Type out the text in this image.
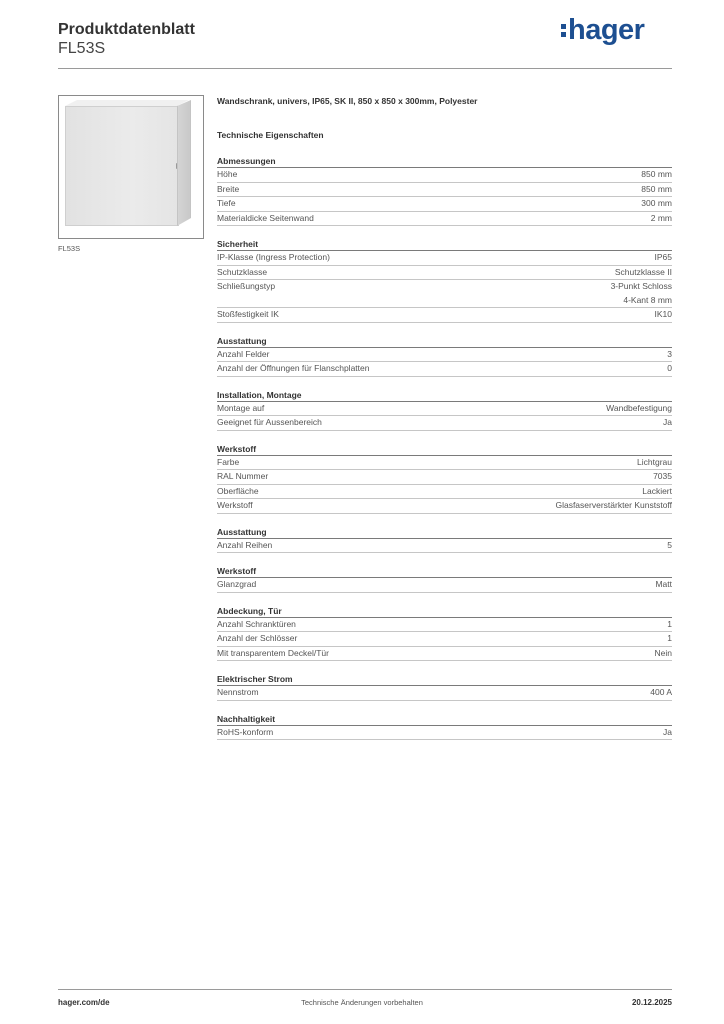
Produktdatenblatt
FL53S
hager
FL53S
Wandschrank, univers, IP65, SK II, 850 x 850 x 300mm, Polyester
Technische Eigenschaften
Abmessungen
Höhe	850 mm
Breite	850 mm
Tiefe	300 mm
Materialdicke Seitenwand	2 mm
Sicherheit
IP-Klasse (Ingress Protection)	IP65
Schutzklasse	Schutzklasse II
Schließungstyp	3-Punkt Schloss
4-Kant 8 mm
Stoßfestigkeit IK	IK10
Ausstattung
Anzahl Felder	3
Anzahl der Öffnungen für Flanschplatten	0
Installation, Montage
Montage auf	Wandbefestigung
Geeignet für Aussenbereich	Ja
Werkstoff
Farbe	Lichtgrau
RAL Nummer	7035
Oberfläche	Lackiert
Werkstoff	Glasfaserverstärkter Kunststoff
Ausstattung
Anzahl Reihen	5
Werkstoff
Glanzgrad	Matt
Abdeckung, Tür
Anzahl Schranktüren	1
Anzahl der Schlösser	1
Mit transparentem Deckel/Tür	Nein
Elektrischer Strom
Nennstrom	400 A
Nachhaltigkeit
RoHS-konform	Ja
hager.com/de	Technische Änderungen vorbehalten	20.12.2025
